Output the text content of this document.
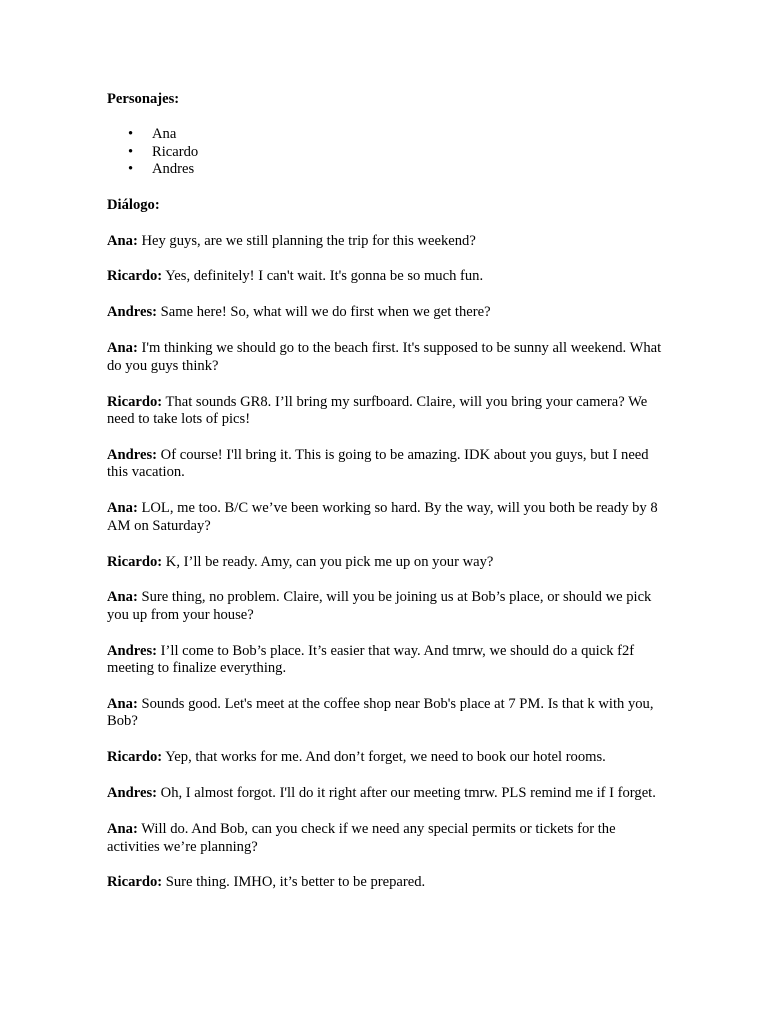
Personajes:

• Ana
• Ricardo
• Andres

Diálogo:

Ana: Hey guys, are we still planning the trip for this weekend?

Ricardo: Yes, definitely! I can't wait. It's gonna be so much fun.

Andres: Same here! So, what will we do first when we get there?

Ana: I'm thinking we should go to the beach first. It's supposed to be sunny all weekend. What do you guys think?

Ricardo: That sounds GR8. I’ll bring my surfboard. Claire, will you bring your camera? We need to take lots of pics!

Andres: Of course! I'll bring it. This is going to be amazing. IDK about you guys, but I need this vacation.

Ana: LOL, me too. B/C we’ve been working so hard. By the way, will you both be ready by 8 AM on Saturday?

Ricardo: K, I’ll be ready. Amy, can you pick me up on your way?

Ana: Sure thing, no problem. Claire, will you be joining us at Bob’s place, or should we pick you up from your house?

Andres: I’ll come to Bob’s place. It’s easier that way. And tmrw, we should do a quick f2f meeting to finalize everything.

Ana: Sounds good. Let's meet at the coffee shop near Bob's place at 7 PM. Is that k with you, Bob?

Ricardo: Yep, that works for me. And don’t forget, we need to book our hotel rooms.

Andres: Oh, I almost forgot. I'll do it right after our meeting tmrw. PLS remind me if I forget.

Ana: Will do. And Bob, can you check if we need any special permits or tickets for the activities we’re planning?

Ricardo: Sure thing. IMHO, it’s better to be prepared.
